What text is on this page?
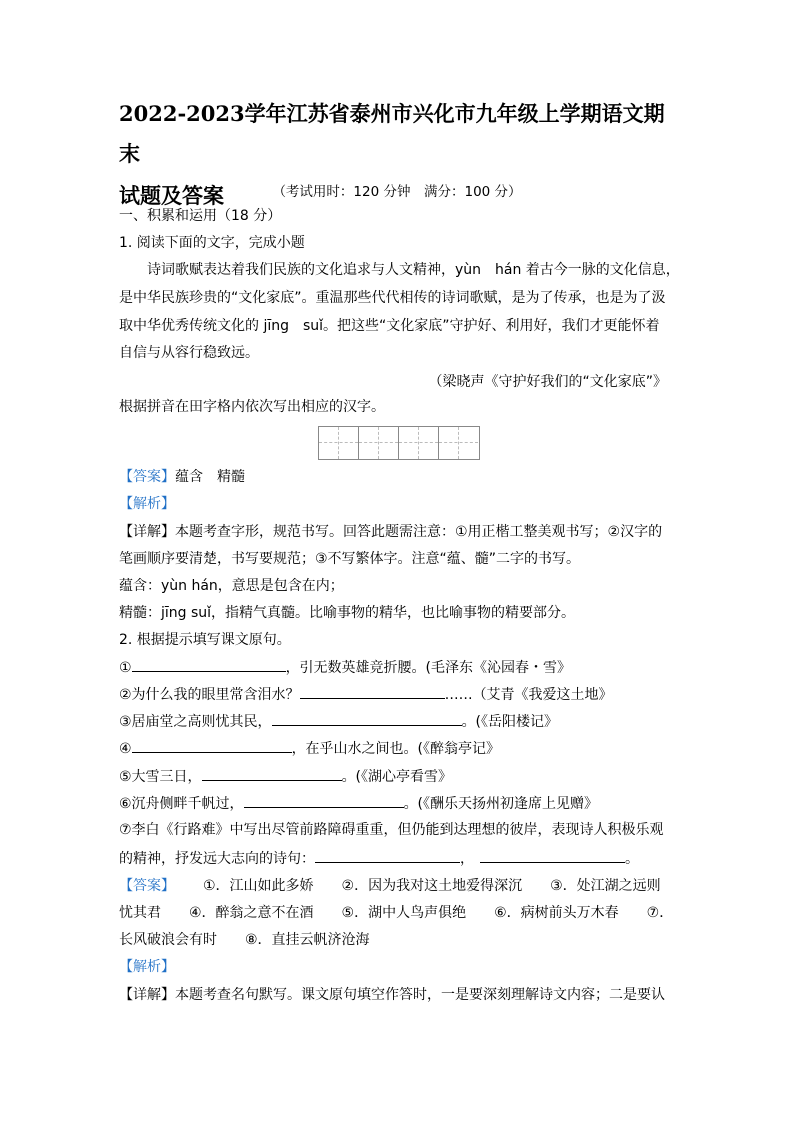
2022-2023学年江苏省泰州市兴化市九年级上学期语文期末
试题及答案	（考试用时：120 分钟　满分：100 分）
一、积累和运用（18 分）
1. 阅读下面的文字，完成小题
诗词歌赋表达着我们民族的文化追求与人文精神，yùn　hán 着古今一脉的文化信息，
是中华民族珍贵的“文化家底”。重温那些代代相传的诗词歌赋，是为了传承，也是为了汲
取中华优秀传统文化的 jīng　suǐ。把这些“文化家底”守护好、利用好，我们才更能怀着
自信与从容行稳致远。
（梁晓声《守护好我们的“文化家底”》
根据拼音在田字格内依次写出相应的汉字。
【答案】蕴含　精髓
【解析】
【详解】本题考查字形，规范书写。回答此题需注意：①用正楷工整美观书写；②汉字的
笔画顺序要清楚，书写要规范；③不写繁体字。注意“蕴、髓”二字的书写。
蕴含：yùn hán，意思是包含在内；
精髓：jīng suǐ，指精气真髓。比喻事物的精华，也比喻事物的精要部分。
2. 根据提示填写课文原句。
①	，引无数英雄竞折腰。(毛泽东《沁园春・雪》
②为什么我的眼里常含泪水？	……（艾青《我爱这土地》
③居庙堂之高则忧其民，	。(《岳阳楼记》
④	，在乎山水之间也。(《醉翁亭记》
⑤大雪三日，	。(《湖心亭看雪》
⑥沉舟侧畔千帆过，	。(《酬乐天扬州初逢席上见赠》
⑦李白《行路难》中写出尽管前路障碍重重，但仍能到达理想的彼岸，表现诗人积极乐观
的精神，抒发远大志向的诗句：	，	。
【答案】 ①．江山如此多娇　　②．因为我对这土地爱得深沉　　③．处江湖之远则
忧其君　　④．醉翁之意不在酒　　⑤．湖中人鸟声俱绝　　⑥．病树前头万木春　　⑦．
长风破浪会有时　　⑧．直挂云帆济沧海
【解析】
【详解】本题考查名句默写。课文原句填空作答时，一是要深刻理解诗文内容；二是要认
